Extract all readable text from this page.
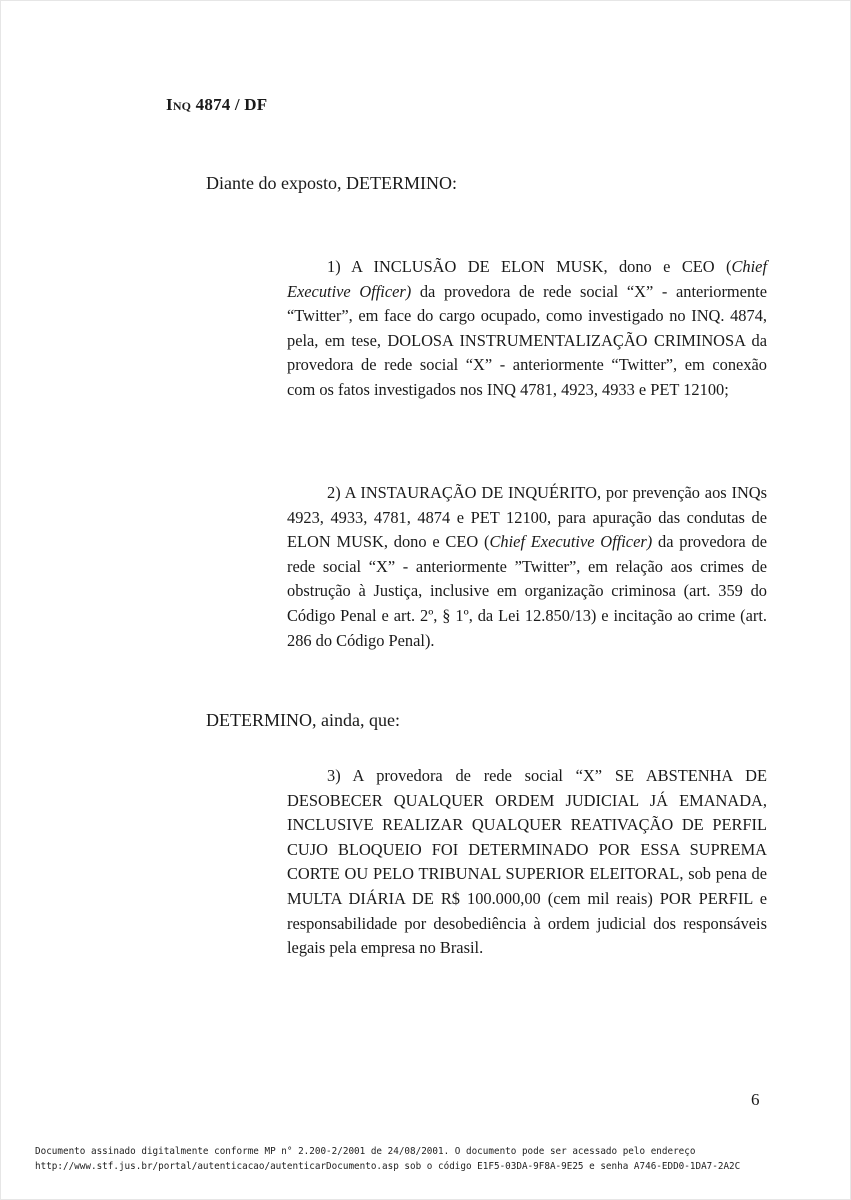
Inq 4874 / DF
Diante do exposto, DETERMINO:

1) A INCLUSÃO DE ELON MUSK, dono e CEO (Chief Executive Officer) da provedora de rede social “X” - anteriormente “Twitter”, em face do cargo ocupado, como investigado no INQ. 4874, pela, em tese, DOLOSA INSTRUMENTALIZAÇÃO CRIMINOSA da provedora de rede social “X” - anteriormente “Twitter”, em conexão com os fatos investigados nos INQ 4781, 4923, 4933 e PET 12100;

2) A INSTAURAÇÃO DE INQUÉRITO, por prevenção aos INQs 4923, 4933, 4781, 4874 e PET 12100, para apuração das condutas de ELON MUSK, dono e CEO (Chief Executive Officer) da provedora de rede social “X” - anteriormente ”Twitter”, em relação aos crimes de obstrução à Justiça, inclusive em organização criminosa (art. 359 do Código Penal e art. 2º, § 1º, da Lei 12.850/13) e incitação ao crime (art. 286 do Código Penal).

DETERMINO, ainda, que:

3) A provedora de rede social “X” SE ABSTENHA DE DESOBECER QUALQUER ORDEM JUDICIAL JÁ EMANADA, INCLUSIVE REALIZAR QUALQUER REATIVAÇÃO DE PERFIL CUJO BLOQUEIO FOI DETERMINADO POR ESSA SUPREMA CORTE OU PELO TRIBUNAL SUPERIOR ELEITORAL, sob pena de MULTA DIÁRIA DE R$ 100.000,00 (cem mil reais) POR PERFIL e responsabilidade por desobediência à ordem judicial dos responsáveis legais pela empresa no Brasil.

6
Documento assinado digitalmente conforme MP n° 2.200-2/2001 de 24/08/2001. O documento pode ser acessado pelo endereço
http://www.stf.jus.br/portal/autenticacao/autenticarDocumento.asp sob o código E1F5-03DA-9F8A-9E25 e senha A746-EDD0-1DA7-2A2C
